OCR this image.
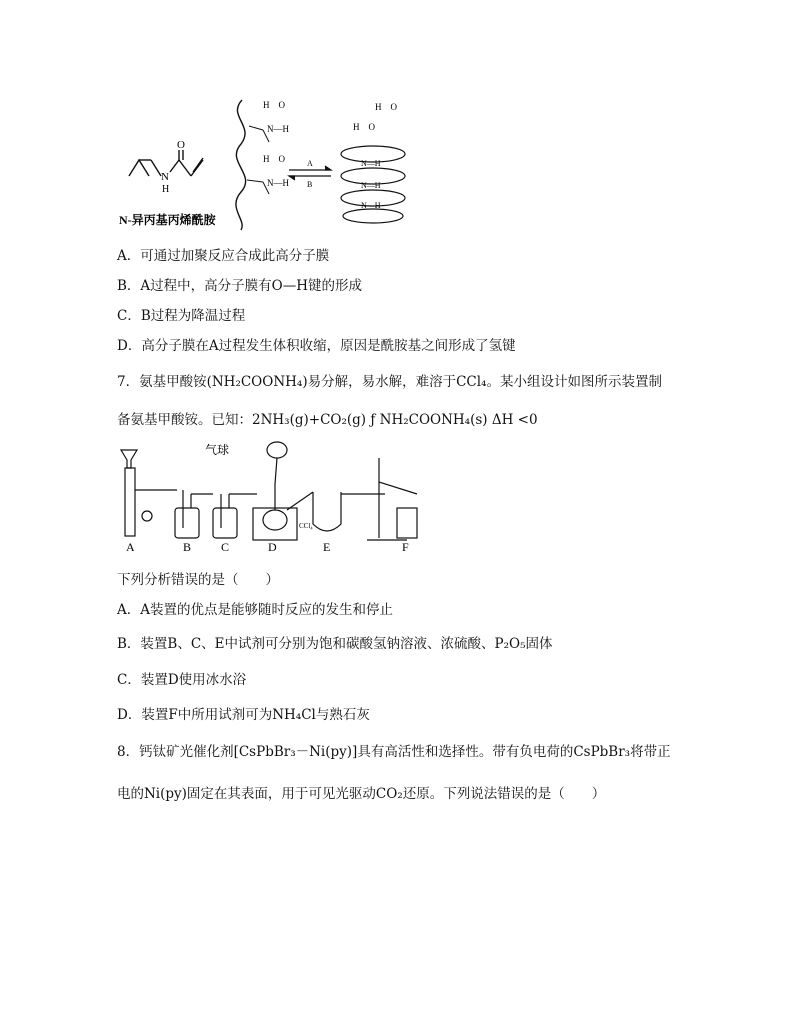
O
N
H
H　O
N—H
H　O
N—H
A
B
H　O
H　O
N—H
N—H
N—H
N-异丙基丙烯酰胺
A．可通过加聚反应合成此高分子膜
B．A过程中，高分子膜有O—H键的形成
C．B过程为降温过程
D．高分子膜在A过程发生体积收缩，原因是酰胺基之间形成了氢键
7．氨基甲酸铵(NH₂COONH₄)易分解，易水解，难溶于CCl₄。某小组设计如图所示装置制
备氨基甲酸铵。已知：2NH₃(g)+CO₂(g) ƒ NH₂COONH₄(s) ΔH <0
气球
CCl₄
A	B C	D	E	F
下列分析错误的是（　　）
A．A装置的优点是能够随时反应的发生和停止
B．装置B、C、E中试剂可分别为饱和碳酸氢钠溶液、浓硫酸、P₂O₅固体
C．装置D使用冰水浴
D．装置F中所用试剂可为NH₄Cl与熟石灰
8．钙钛矿光催化剂[CsPbBr₃－Ni(py)]具有高活性和选择性。带有负电荷的CsPbBr₃将带正
电的Ni(py)固定在其表面，用于可见光驱动CO₂还原。下列说法错误的是（　　）
